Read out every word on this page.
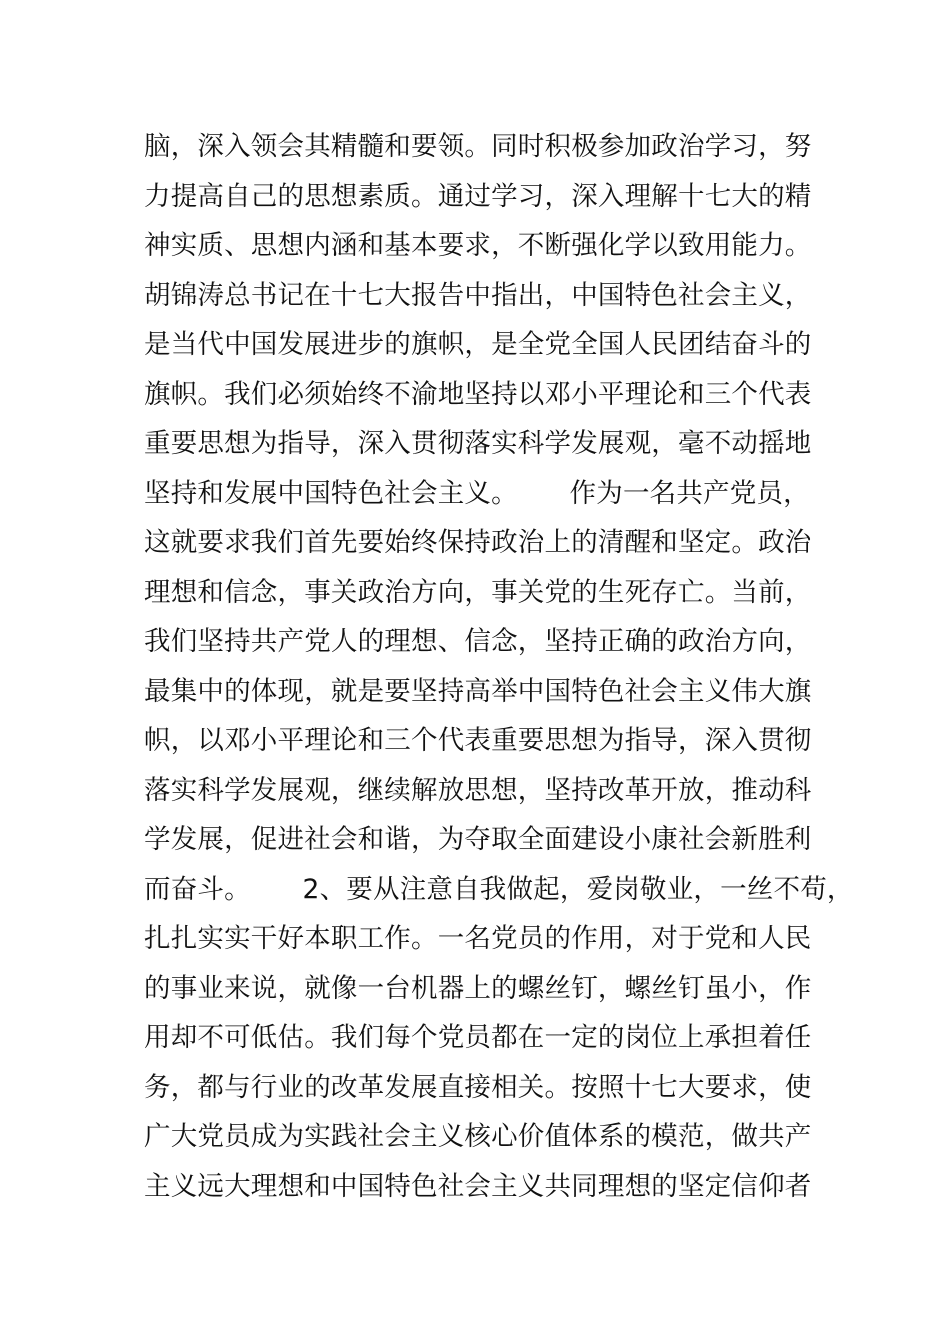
脑，深入领会其精髓和要领。同时积极参加政治学习，努
力提高自己的思想素质。通过学习，深入理解十七大的精
神实质、思想内涵和基本要求，不断强化学以致用能力。
胡锦涛总书记在十七大报告中指出，中国特色社会主义，
是当代中国发展进步的旗帜，是全党全国人民团结奋斗的
旗帜。我们必须始终不渝地坚持以邓小平理论和三个代表
重要思想为指导，深入贯彻落实科学发展观，毫不动摇地
坚持和发展中国特色社会主义。      作为一名共产党员，
这就要求我们首先要始终保持政治上的清醒和坚定。政治
理想和信念，事关政治方向，事关党的生死存亡。当前，
我们坚持共产党人的理想、信念，坚持正确的政治方向，
最集中的体现，就是要坚持高举中国特色社会主义伟大旗
帜，以邓小平理论和三个代表重要思想为指导，深入贯彻
落实科学发展观，继续解放思想，坚持改革开放，推动科
学发展，促进社会和谐，为夺取全面建设小康社会新胜利
而奋斗。      2、要从注意自我做起，爱岗敬业，一丝不苟，
扎扎实实干好本职工作。一名党员的作用，对于党和人民
的事业来说，就像一台机器上的螺丝钉，螺丝钉虽小，作
用却不可低估。我们每个党员都在一定的岗位上承担着任
务，都与行业的改革发展直接相关。按照十七大要求，使
广大党员成为实践社会主义核心价值体系的模范，做共产
主义远大理想和中国特色社会主义共同理想的坚定信仰者
